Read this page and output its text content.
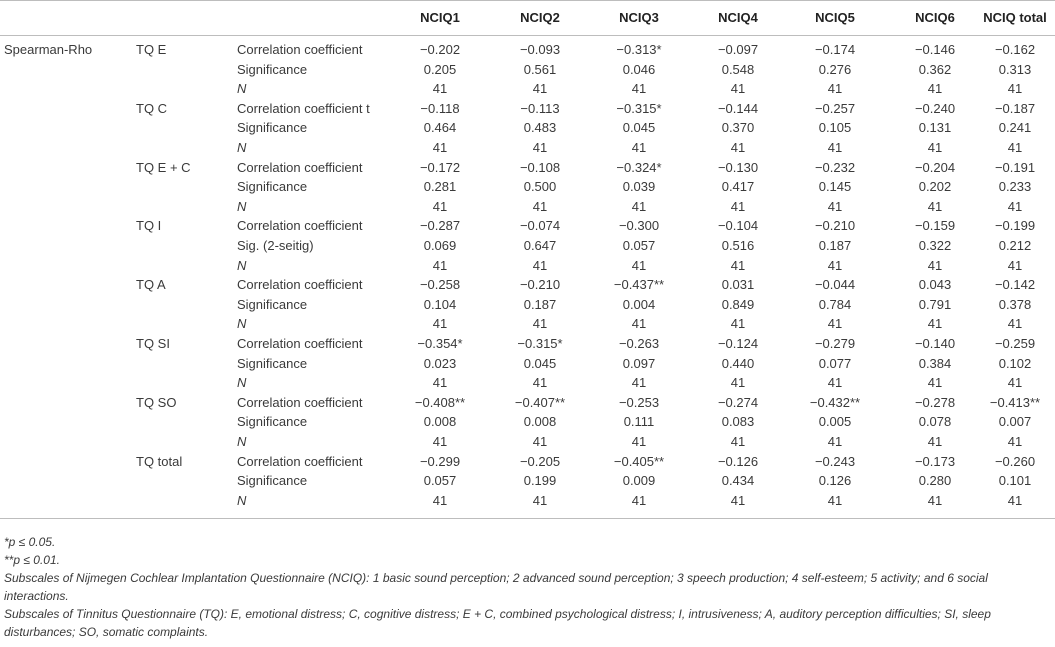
NCIQ1	NCIQ2	NCIQ3	NCIQ4	NCIQ5	NCIQ6	NCIQ total
Spearman-Rho	TQ E	Correlation coefficient	−0.202	−0.093	−0.313*	−0.097	−0.174	−0.146	−0.162
Significance	0.205	0.561	0.046	0.548	0.276	0.362	0.313
N	41	41	41	41	41	41	41
TQ C	Correlation coefficient t	−0.118	−0.113	−0.315*	−0.144	−0.257	−0.240	−0.187
Significance	0.464	0.483	0.045	0.370	0.105	0.131	0.241
N	41	41	41	41	41	41	41
TQ E + C	Correlation coefficient	−0.172	−0.108	−0.324*	−0.130	−0.232	−0.204	−0.191
Significance	0.281	0.500	0.039	0.417	0.145	0.202	0.233
N	41	41	41	41	41	41	41
TQ I	Correlation coefficient	−0.287	−0.074	−0.300	−0.104	−0.210	−0.159	−0.199
Sig. (2-seitig)	0.069	0.647	0.057	0.516	0.187	0.322	0.212
N	41	41	41	41	41	41	41
TQ A	Correlation coefficient	−0.258	−0.210	−0.437**	0.031	−0.044	0.043	−0.142
Significance	0.104	0.187	0.004	0.849	0.784	0.791	0.378
N	41	41	41	41	41	41	41
TQ SI	Correlation coefficient	−0.354*	−0.315*	−0.263	−0.124	−0.279	−0.140	−0.259
Significance	0.023	0.045	0.097	0.440	0.077	0.384	0.102
N	41	41	41	41	41	41	41
TQ SO	Correlation coefficient	−0.408**	−0.407**	−0.253	−0.274	−0.432**	−0.278	−0.413**
Significance	0.008	0.008	0.111	0.083	0.005	0.078	0.007
N	41	41	41	41	41	41	41
TQ total	Correlation coefficient	−0.299	−0.205	−0.405**	−0.126	−0.243	−0.173	−0.260
Significance	0.057	0.199	0.009	0.434	0.126	0.280	0.101
N	41	41	41	41	41	41	41
*p ≤ 0.05.
**p ≤ 0.01.
Subscales of Nijmegen Cochlear Implantation Questionnaire (NCIQ): 1 basic sound perception; 2 advanced sound perception; 3 speech production; 4 self-esteem; 5 activity; and 6 social interactions.
Subscales of Tinnitus Questionnaire (TQ): E, emotional distress; C, cognitive distress; E + C, combined psychological distress; I, intrusiveness; A, auditory perception difficulties; SI, sleep disturbances; SO, somatic complaints.
